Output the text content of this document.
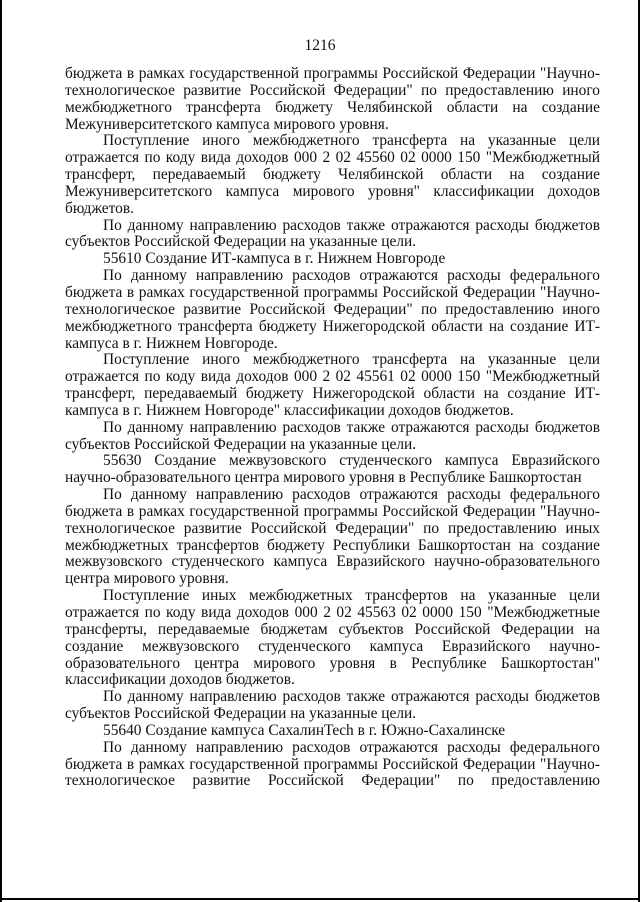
1216

бюджета в рамках государственной программы Российской Федерации "Научно-технологическое развитие Российской Федерации" по предоставлению иного межбюджетного трансферта бюджету Челябинской области на создание Межуниверситетского кампуса мирового уровня.

Поступление иного межбюджетного трансферта на указанные цели отражается по коду вида доходов 000 2 02 45560 02 0000 150 "Межбюджетный трансферт, передаваемый бюджету Челябинской области на создание Межуниверситетского кампуса мирового уровня" классификации доходов бюджетов.

По данному направлению расходов также отражаются расходы бюджетов субъектов Российской Федерации на указанные цели.

55610 Создание ИТ-кампуса в г. Нижнем Новгороде

По данному направлению расходов отражаются расходы федерального бюджета в рамках государственной программы Российской Федерации "Научно-технологическое развитие Российской Федерации" по предоставлению иного межбюджетного трансферта бюджету Нижегородской области на создание ИТ-кампуса в г. Нижнем Новгороде.

Поступление иного межбюджетного трансферта на указанные цели отражается по коду вида доходов 000 2 02 45561 02 0000 150 "Межбюджетный трансферт, передаваемый бюджету Нижегородской области на создание ИТ-кампуса в г. Нижнем Новгороде" классификации доходов бюджетов.

По данному направлению расходов также отражаются расходы бюджетов субъектов Российской Федерации на указанные цели.

55630 Создание межвузовского студенческого кампуса Евразийского научно-образовательного центра мирового уровня в Республике Башкортостан

По данному направлению расходов отражаются расходы федерального бюджета в рамках государственной программы Российской Федерации "Научно-технологическое развитие Российской Федерации" по предоставлению иных межбюджетных трансфертов бюджету Республики Башкортостан на создание межвузовского студенческого кампуса Евразийского научно-образовательного центра мирового уровня.

Поступление иных межбюджетных трансфертов на указанные цели отражается по коду вида доходов 000 2 02 45563 02 0000 150 "Межбюджетные трансферты, передаваемые бюджетам субъектов Российской Федерации на создание межвузовского студенческого кампуса Евразийского научно-образовательного центра мирового уровня в Республике Башкортостан" классификации доходов бюджетов.

По данному направлению расходов также отражаются расходы бюджетов субъектов Российской Федерации на указанные цели.

55640 Создание кампуса СахалинTech в г. Южно-Сахалинске

По данному направлению расходов отражаются расходы федерального бюджета в рамках государственной программы Российской Федерации "Научно-технологическое развитие Российской Федерации" по предоставлению
